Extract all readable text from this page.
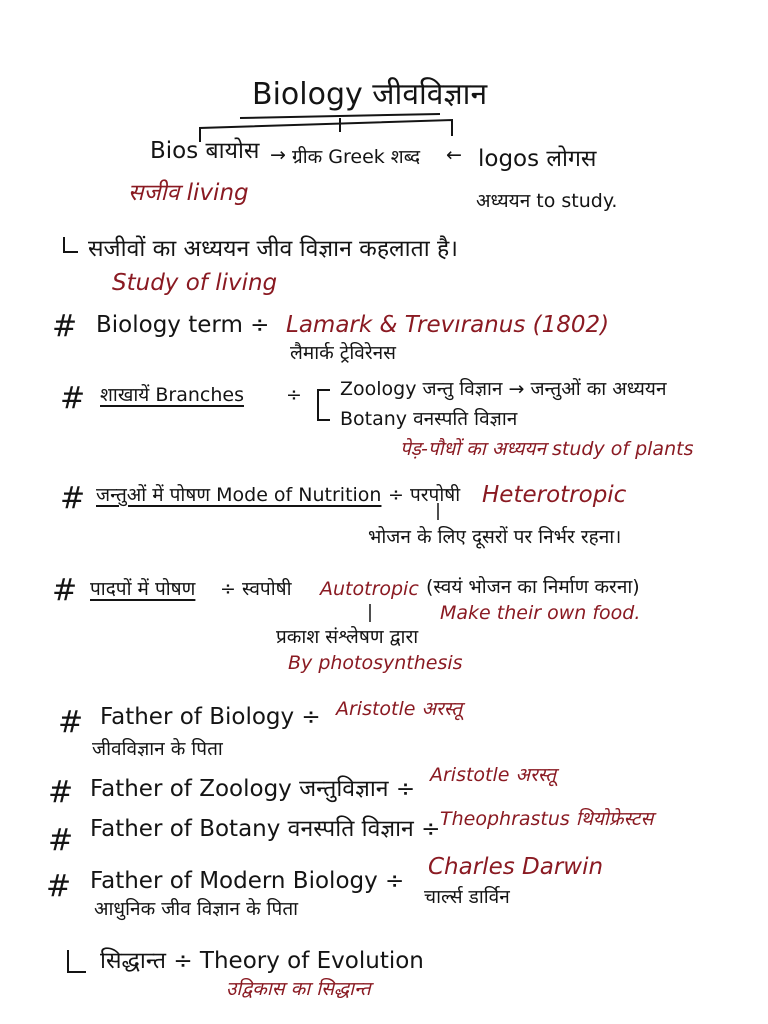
Biology जीवविज्ञान
Bios बायोस → ग्रीक Greek शब्द ← logos लोगस
सजीव living	अध्ययन to study.
सजीवों का अध्ययन जीव विज्ञान कहलाता है।
Study of living
# Biology term ÷ Lamark & Trevıranus (1802)
लैमार्क ट्रेविरेनस
# शाखायें Branches ÷ Zoology जन्तु विज्ञान → जन्तुओं का अध्ययन
Botany वनस्पति विज्ञान
पेड़-पौधों का अध्ययन study of plants
# जन्तुओं में पोषण Mode of Nutrition ÷ परपोषी Heterotropic
भोजन के लिए दूसरों पर निर्भर रहना।
# पादपों में पोषण ÷ स्वपोषी Autotropic (स्वयं भोजन का निर्माण करना)
Make their own food.
प्रकाश संश्लेषण द्वारा
By photosynthesis
# Father of Biology ÷ Aristotle अरस्तू
जीवविज्ञान के पिता
# Father of Zoology जन्तुविज्ञान ÷
Aristotle अरस्तू
# Father of Botany वनस्पति विज्ञान ÷ Theophrastus थियोफ्रेस्टस
# Father of Modern Biology ÷
Charles Darwin
आधुनिक जीव विज्ञान के पिता
चार्ल्स डार्विन
सिद्धान्त ÷ Theory of Evolution
उद्विकास का सिद्धान्त
